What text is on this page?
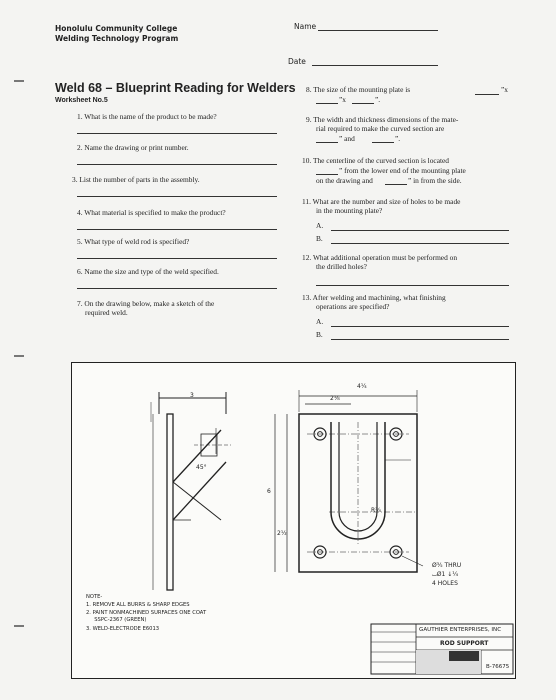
Honolulu Community College
Welding Technology Program
Name
Date
Weld 68 – Blueprint Reading for Welders
Worksheet No.5
1. What is the name of the product to be made?
2. Name the drawing or print number.
3. List the number of parts in the assembly.
4. What material is specified to make the product?
5. What type of weld rod is specified?
6. Name the size and type of the weld specified.
7. On the drawing below, make a sketch of the
required weld.
8. The size of the mounting plate is	”x
”x	”.
9. The width and thickness dimensions of the mate-
rial required to make the curved section are
” and	”.
10. The centerline of the curved section is located
” from the lower end of the mounting plate
on the drawing and	” in from the side.
11. What are the number and size of holes to be made
in the mounting plate?
A.
B.
12. What additional operation must be performed on
the drilled holes?
13. After welding and machining, what finishing
operations are specified?
A.
B.
3
4¼
2⅛
2½
45°
R¾
6
Ø⅗ THRU
⌴Ø1 ↓¼
4 HOLES
NOTE-
1. REMOVE ALL BURRS & SHARP EDGES
2. PAINT NONMACHINED SURFACES ONE COAT
SSPC-2367 (GREEN)
3. WELD-ELECTRODE E6013	GAUTHIER ENTERPRISES, INC
ROD SUPPORT
B-76675
